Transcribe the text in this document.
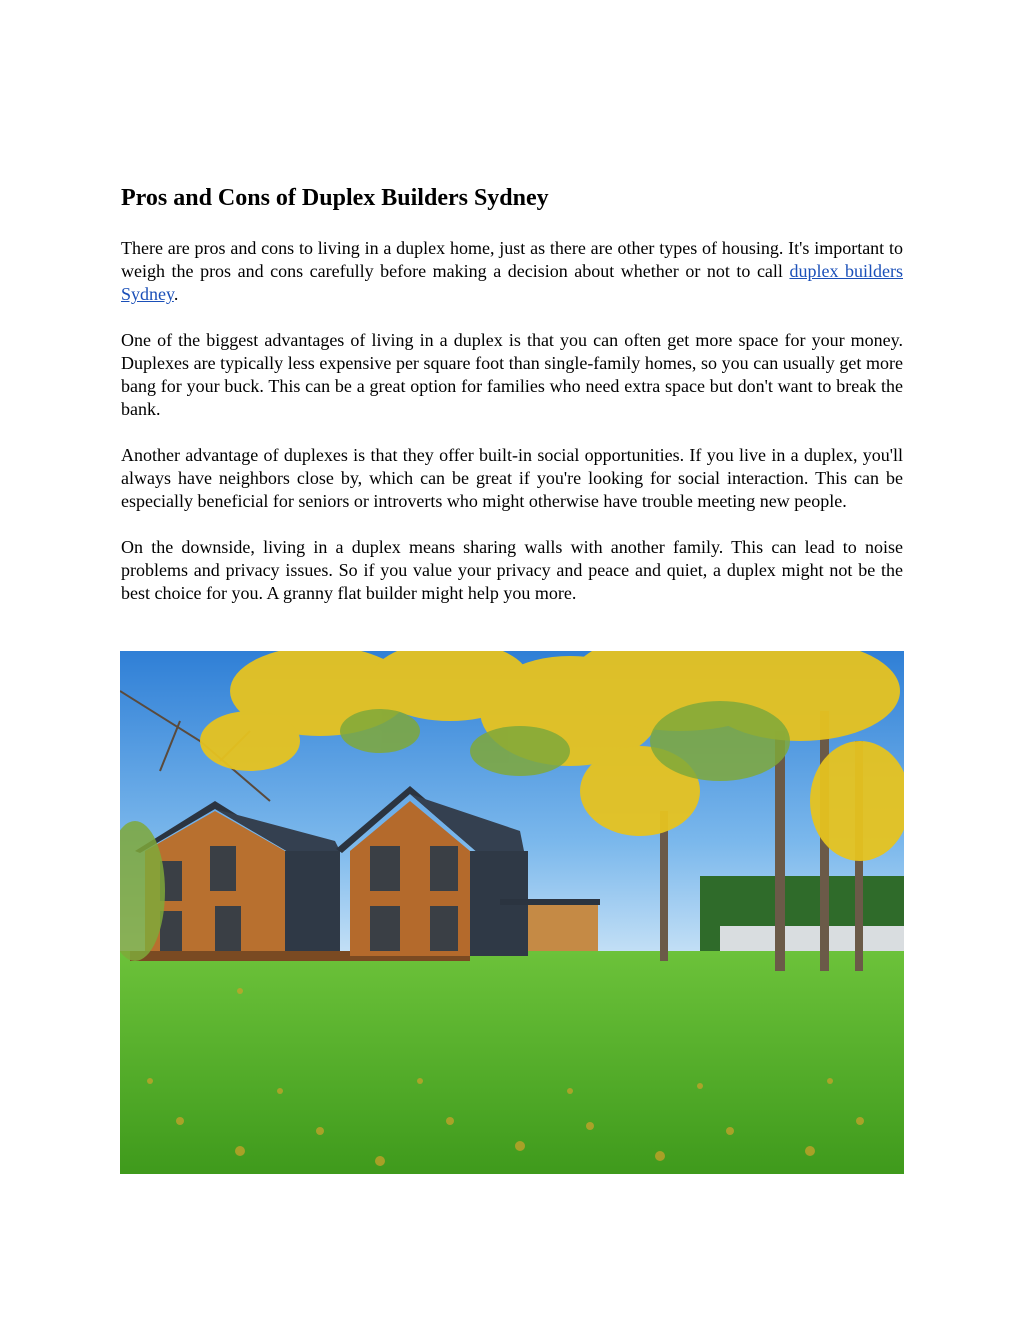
Pros and Cons of Duplex Builders Sydney

There are pros and cons to living in a duplex home, just as there are other types of housing. It's important to weigh the pros and cons carefully before making a decision about whether or not to call duplex builders Sydney.

One of the biggest advantages of living in a duplex is that you can often get more space for your money. Duplexes are typically less expensive per square foot than single-family homes, so you can usually get more bang for your buck. This can be a great option for families who need extra space but don't want to break the bank.

Another advantage of duplexes is that they offer built-in social opportunities. If you live in a duplex, you'll always have neighbors close by, which can be great if you're looking for social interaction. This can be especially beneficial for seniors or introverts who might otherwise have trouble meeting new people.

On the downside, living in a duplex means sharing walls with another family. This can lead to noise problems and privacy issues. So if you value your privacy and peace and quiet, a duplex might not be the best choice for you. A granny flat builder might help you more.
